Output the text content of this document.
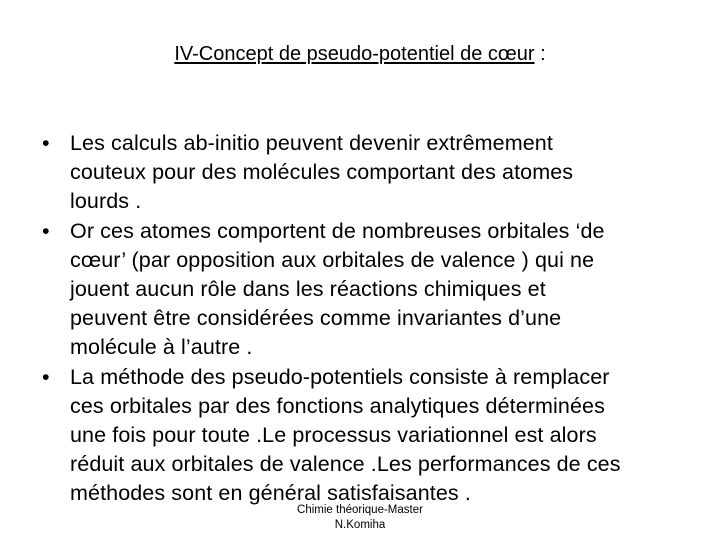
IV-Concept de pseudo-potentiel de cœur :
• Les calculs ab-initio peuvent devenir extrêmement
couteux pour des molécules comportant des atomes
lourds .
• Or ces atomes comportent de nombreuses orbitales ‘de
cœur’ (par opposition aux orbitales de valence ) qui ne
jouent aucun rôle dans les réactions chimiques et
peuvent être considérées comme invariantes d’une
molécule à l’autre .
• La méthode des pseudo-potentiels consiste à remplacer
ces orbitales par des fonctions analytiques déterminées
une fois pour toute .Le processus variationnel est alors
réduit aux orbitales de valence .Les performances de ces
méthodes sont en général satisfaisantes .
Chimie théorique-Master
N.Komiha
